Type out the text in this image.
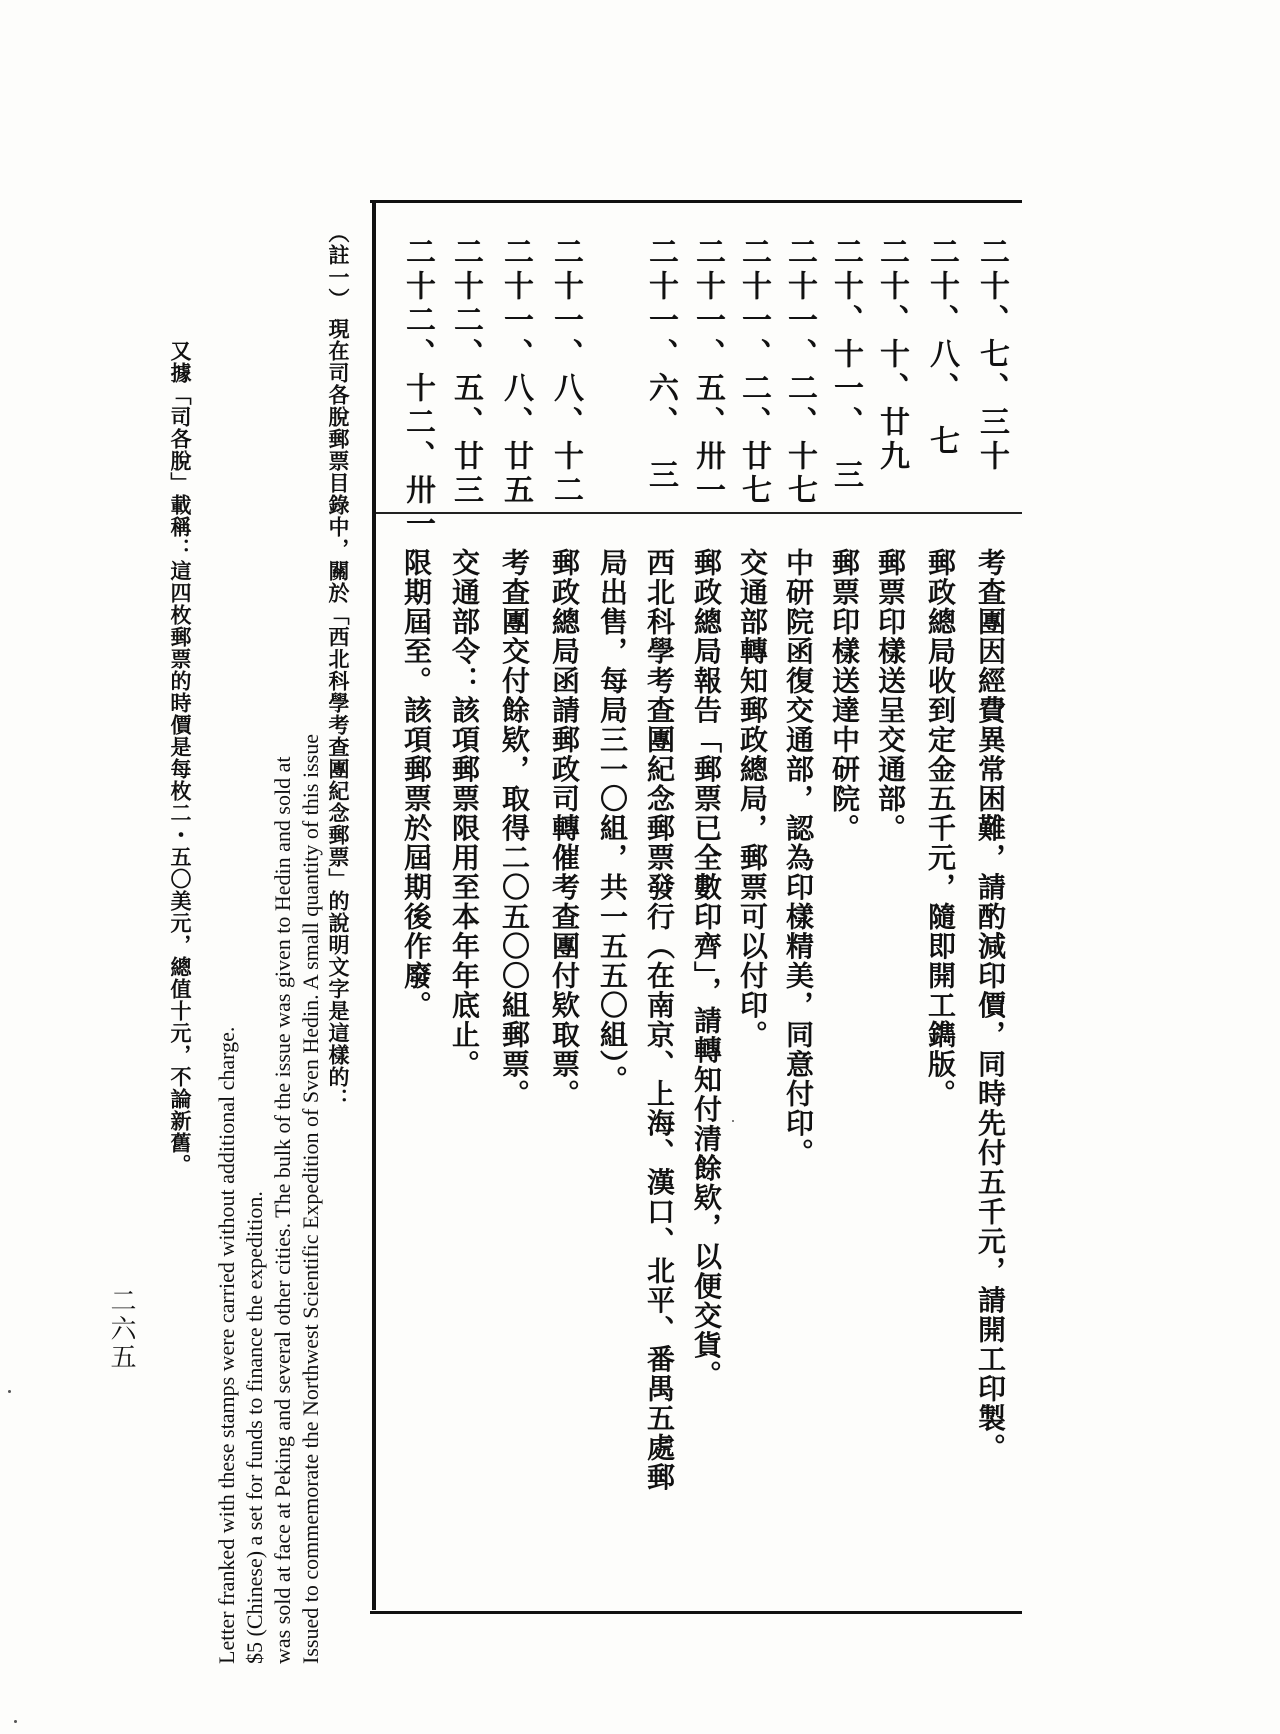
二十、七、三十
二十、八、　七
二十、十、廿九
二十、十一、　三
二十一、二、十七
二十一、二、廿七
二十一、五、卅一
二十一、六、　三
二十一、八、十二
二十一、八、廿五
二十二、五、廿三
二十二、十二、卅一
考查團因經費異常困難，請酌減印價，同時先付五千元，請開工印製。
郵政總局收到定金五千元，隨即開工鐫版。
郵票印樣送呈交通部。
郵票印樣送達中研院。
中研院函復交通部，認為印樣精美，同意付印。
交通部轉知郵政總局，郵票可以付印。
郵政總局報告「郵票已全數印齊」，請轉知付清餘欵，以便交貨。
西北科學考查團紀念郵票發行（在南京、上海、漢口、北平、番禺五處郵
局出售，每局三一〇組，共一五五〇組）。
郵政總局函請郵政司轉催考查團付欵取票。
考查團交付餘欵，取得二〇五〇〇組郵票。
交通部令：該項郵票限用至本年年底止。
限期屆至。該項郵票於屆期後作廢。
（註一）
現在司各脫郵票目錄中，關於「西北科學考查團紀念郵票」的說明文字是這樣的：
Issued to commemorate the Northwest Scientific Expedition of Sven Hedin. A small quantity of this issue
was sold at face at Peking and several other cities. The bulk of the issue was given to Hedin and sold at
$5 (Chinese) a set for funds to finance the expedition.
Letter franked with these stamps were carried without additional charge.
又據「司各脫」載稱：這四枚郵票的時價是每枚二・五〇美元，總值十元，不論新舊。
二六五
